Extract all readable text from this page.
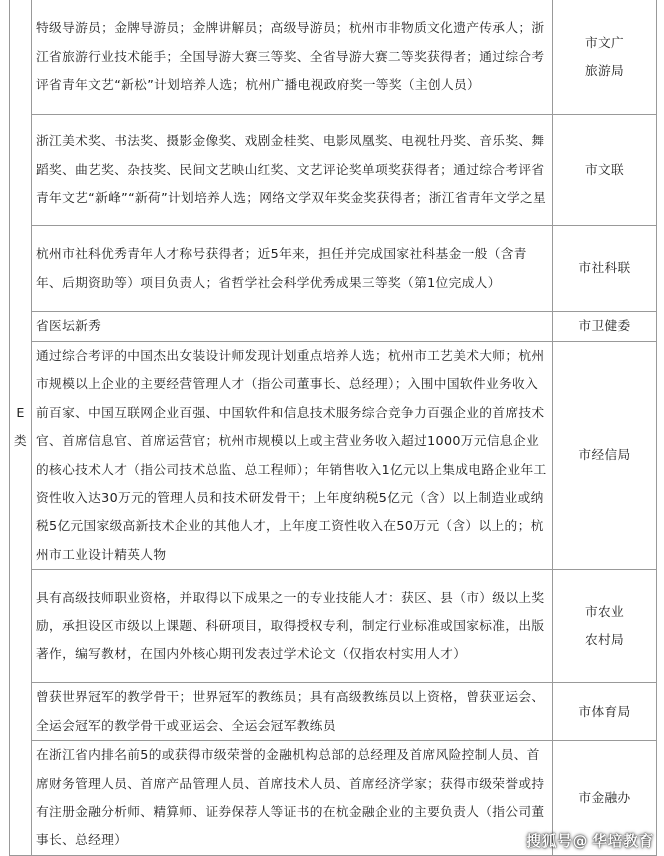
E类	特级导游员；金牌导游员；金牌讲解员；高级导游员；杭州市非物质文化遗产传承人；浙江省旅游行业技术能手；全国导游大赛三等奖、全省导游大赛二等奖获得者；通过综合考评省青年文艺“新松”计划培养人选；杭州广播电视政府奖一等奖（主创人员）	市文广
旅游局

	浙江美术奖、书法奖、摄影金像奖、戏剧金桂奖、电影凤凰奖、电视牡丹奖、音乐奖、舞蹈奖、曲艺奖、杂技奖、民间文艺映山红奖、文艺评论奖单项奖获得者；通过综合考评省青年文艺“新峰”“新荷”计划培养人选；网络文学双年奖金奖获得者；浙江省青年文学之星	市文联

	杭州市社科优秀青年人才称号获得者；近5年来，担任并完成国家社科基金一般（含青年、后期资助等）项目负责人；省哲学社会科学优秀成果三等奖（第1位完成人）	市社科联

	省医坛新秀	市卫健委

	通过综合考评的中国杰出女装设计师发现计划重点培养人选；杭州市工艺美术大师；杭州市规模以上企业的主要经营管理人才（指公司董事长、总经理）；入围中国软件业务收入前百家、中国互联网企业百强、中国软件和信息技术服务综合竞争力百强企业的首席技术官、首席信息官、首席运营官；杭州市规模以上或主营业务收入超过1000万元信息企业的核心技术人才（指公司技术总监、总工程师）；年销售收入1亿元以上集成电路企业年工资性收入达30万元的管理人员和技术研发骨干；上年度纳税5亿元（含）以上制造业或纳税5亿元国家级高新技术企业的其他人才，上年度工资性收入在50万元（含）以上的；杭州市工业设计精英人物	市经信局

	具有高级技师职业资格，并取得以下成果之一的专业技能人才：获区、县（市）级以上奖励，承担设区市级以上课题、科研项目，取得授权专利，制定行业标准或国家标准，出版著作，编写教材，在国内外核心期刊发表过学术论文（仅指农村实用人才）	市农业
农村局

	曾获世界冠军的教学骨干；世界冠军的教练员；具有高级教练员以上资格，曾获亚运会、全运会冠军的教学骨干或亚运会、全运会冠军教练员	市体育局

	在浙江省内排名前5的或获得市级荣誉的金融机构总部的总经理及首席风险控制人员、首席财务管理人员、首席产品管理人员、首席技术人员、首席经济学家；获得市级荣誉或持有注册金融分析师、精算师、证券保荐人等证书的在杭金融企业的主要负责人（指公司董事长、总经理）	市金融办
搜狐号@ 华培教育
